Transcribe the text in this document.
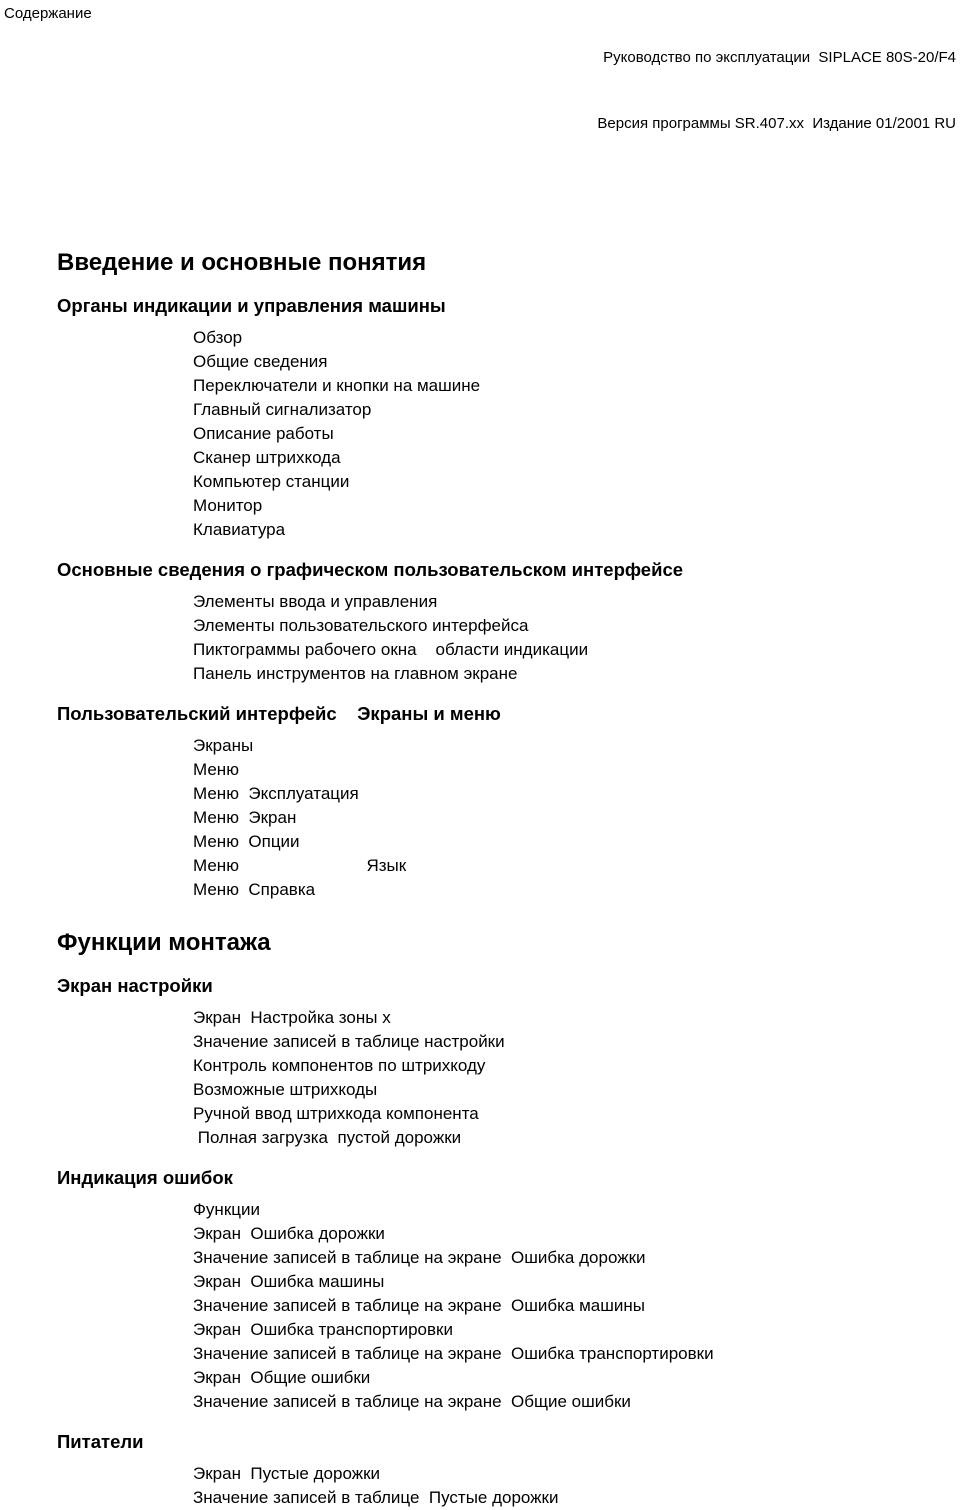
Содержание

Руководство по эксплуатации  SIPLACE 80S-20/F4

Версия программы SR.407.xx  Издание 01/2001 RU

Введение и основные понятия
Органы индикации и управления машины
Обзор
Общие сведения
Переключатели и кнопки на машине
Главный сигнализатор
Описание работы
Сканер штрихкода
Компьютер станции
Монитор
Клавиатура
Основные сведения о графическом пользовательском интерфейсе
Элементы ввода и управления
Элементы пользовательского интерфейса
Пиктограммы рабочего окна    области индикации
Панель инструментов на главном экране
Пользовательский интерфейс    Экраны и меню
Экраны
Меню
Меню  Эксплуатация
Меню  Экран
Меню  Опции
Меню                           Язык
Меню  Справка
Функции монтажа
Экран настройки
Экран  Настройка зоны x
Значение записей в таблице настройки
Контроль компонентов по штрихкоду
Возможные штрихкоды
Ручной ввод штрихкода компонента
Полная загрузка  пустой дорожки
Индикация ошибок
Функции
Экран  Ошибка дорожки
Значение записей в таблице на экране  Ошибка дорожки
Экран  Ошибка машины
Значение записей в таблице на экране  Ошибка машины
Экран  Ошибка транспортировки
Значение записей в таблице на экране  Ошибка транспортировки
Экран  Общие ошибки
Значение записей в таблице на экране  Общие ошибки
Питатели
Экран  Пустые дорожки
Значение записей в таблице  Пустые дорожки
